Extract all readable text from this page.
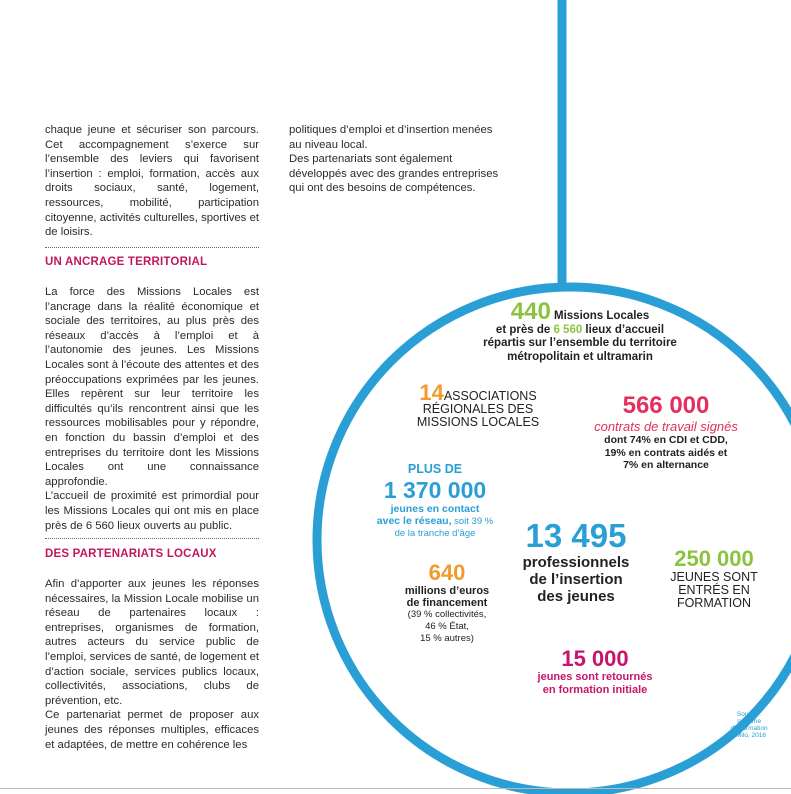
chaque jeune et sécuriser son parcours. Cet accompagnement s’exerce sur l’ensemble des leviers qui favorisent l’insertion : emploi, formation, accès aux droits sociaux, santé, logement, ressources, mobilité, participation citoyenne, activités culturelles, sportives et de loisirs.

UN ANCRAGE TERRITORIAL

La force des Missions Locales est l’ancrage dans la réalité économique et sociale des territoires, au plus près des réseaux d’accès à l’emploi et à l’autonomie des jeunes. Les Missions Locales sont à l’écoute des attentes et des préoccupations exprimées par les jeunes. Elles repèrent sur leur territoire les difficultés qu’ils rencontrent ainsi que les ressources mobilisables pour y répondre, en fonction du bassin d’emploi et des entreprises du territoire dont les Missions Locales ont une connaissance approfondie.

L’accueil de proximité est primordial pour les Missions Locales qui ont mis en place près de 6 560 lieux ouverts au public.

DES PARTENARIATS LOCAUX

Afin d’apporter aux jeunes les réponses nécessaires, la Mission Locale mobilise un réseau de partenaires locaux : entreprises, organismes de formation, autres acteurs du service public de l’emploi, services de santé, de logement et d’action sociale, services publics locaux, collectivités, associations, clubs de prévention, etc.

Ce partenariat permet de proposer aux jeunes des réponses multiples, efficaces et adaptées, de mettre en cohérence les

politiques d’emploi et d’insertion menées au niveau local.

Des partenariats sont également développés avec des grandes entreprises qui ont des besoins de compétences.

440 Missions Locales
et près de 6 560 lieux d’accueil
répartis sur l’ensemble du territoire
métropolitain et ultramarin
14ASSOCIATIONS
RÉGIONALES DES
MISSIONS LOCALES
566 000
contrats de travail signés
dont 74% en CDI et CDD,
19% en contrats aidés et
7% en alternance
PLUS DE
1 370 000
jeunes en contact
avec le réseau, soit 39 %
de la tranche d’âge	13 495
professionnels
de l’insertion
des jeunes
250 000
JEUNES SONT
ENTRÉS EN
FORMATION
640
millions d’euros
de financement
(39 % collectivités,
46 % État,
15 % autres)
15 000
jeunes sont retournés
en formation initiale
Source :
système
d’information
I-Milo, 2016
